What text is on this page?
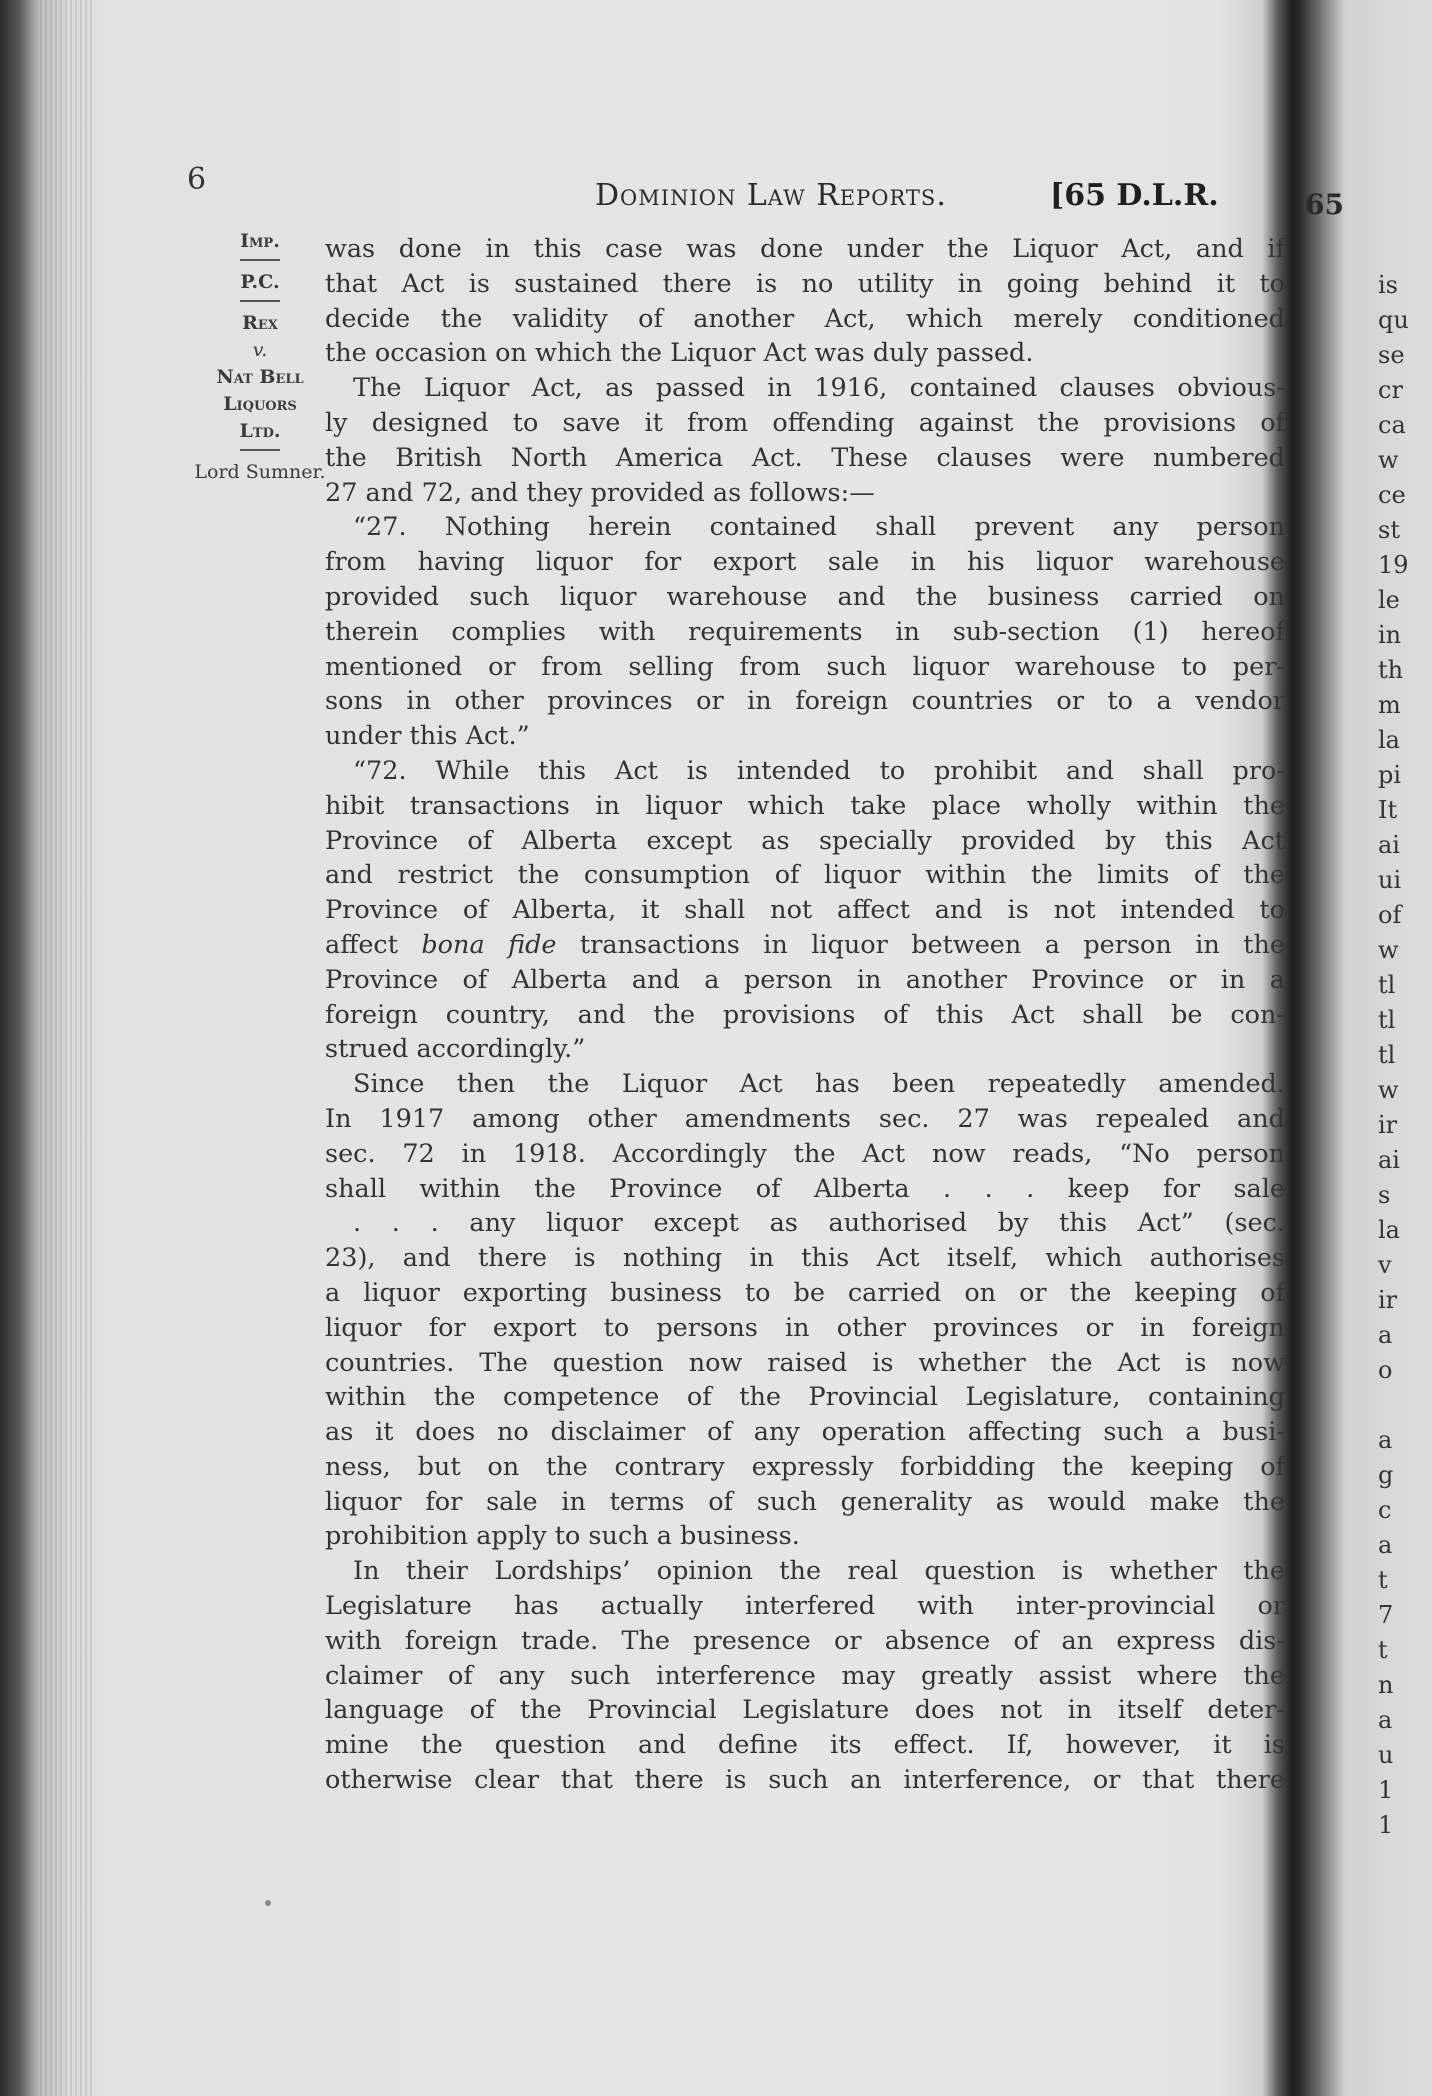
6	Dominion Law Reports.	[65 D.L.R.
Imp.
P.C.
Rex
v.
Nat Bell
Liquors
Ltd.
Lord Sumner.

was done in this case was done under the Liquor Act, and if
that Act is sustained there is no utility in going behind it to
decide the validity of another Act, which merely conditioned
the occasion on which the Liquor Act was duly passed.

The Liquor Act, as passed in 1916, contained clauses obvious-

ly designed to save it from offending against the provisions of
the British North America Act. These clauses were numbered
27 and 72, and they provided as follows:—

“27. Nothing herein contained shall prevent any person

from having liquor for export sale in his liquor warehouse
provided such liquor warehouse and the business carried on
therein complies with requirements in sub-section (1) hereof
mentioned or from selling from such liquor warehouse to per-
sons in other provinces or in foreign countries or to a vendor
under this Act.”

“72. While this Act is intended to prohibit and shall pro-

hibit transactions in liquor which take place wholly within the
Province of Alberta except as specially provided by this Act
and restrict the consumption of liquor within the limits of the
Province of Alberta, it shall not affect and is not intended to
affect bona fide transactions in liquor between a person in the
Province of Alberta and a person in another Province or in a
foreign country, and the provisions of this Act shall be con-
strued accordingly.”

Since then the Liquor Act has been repeatedly amended.

In 1917 among other amendments sec. 27 was repealed and
sec. 72 in 1918. Accordingly the Act now reads, “No person
shall within the Province of Alberta . . . keep for sale
. . . any liquor except as authorised by this Act” (sec.
23), and there is nothing in this Act itself, which authorises
a liquor exporting business to be carried on or the keeping of
liquor for export to persons in other provinces or in foreign
countries. The question now raised is whether the Act is now
within the competence of the Provincial Legislature, containing
as it does no disclaimer of any operation affecting such a busi-
ness, but on the contrary expressly forbidding the keeping of
liquor for sale in terms of such generality as would make the
prohibition apply to such a business.

In their Lordships’ opinion the real question is whether the

Legislature has actually interfered with inter-provincial or
with foreign trade. The presence or absence of an express dis-
claimer of any such interference may greatly assist where the
language of the Provincial Legislature does not in itself deter-
mine the question and define its effect. If, however, it is
otherwise clear that there is such an interference, or that there

65
is
qu
se
cr
ca
w
ce
st
19
le
in
th
m
la
pi
It
ai
ui
of
w
tl
tl
tl
w
ir
ai
s
la
v
ir
a
o
a
g
c
a
t
7
t
n
a
u
1
1
